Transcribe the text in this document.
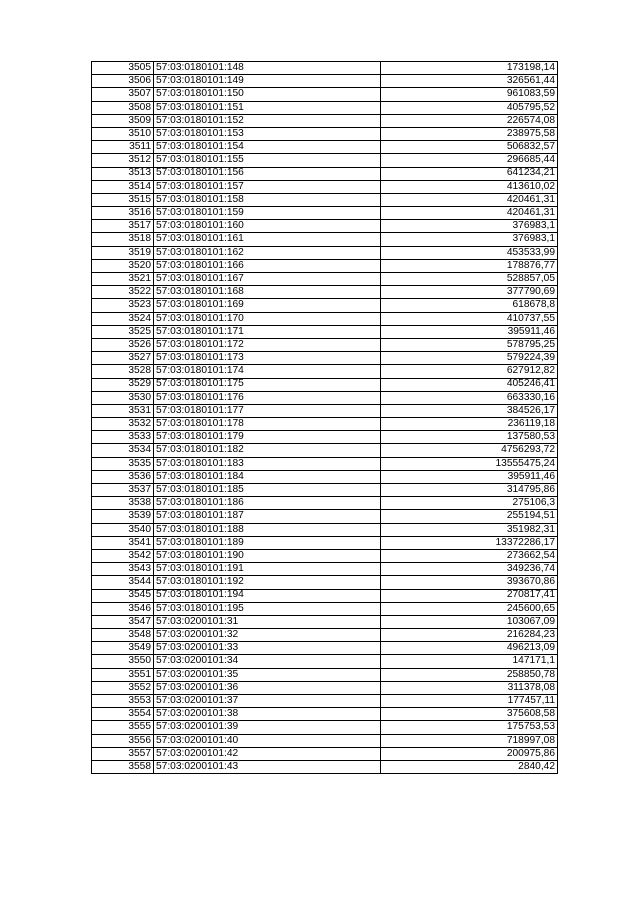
3505	57:03:0180101:148	173198,14
3506	57:03:0180101:149	326561,44
3507	57:03:0180101:150	961083,59
3508	57:03:0180101:151	405795,52
3509	57:03:0180101:152	226574,08
3510	57:03:0180101:153	238975,58
3511	57:03:0180101:154	506832,57
3512	57:03:0180101:155	296685,44
3513	57:03:0180101:156	641234,21
3514	57:03:0180101:157	413610,02
3515	57:03:0180101:158	420461,31
3516	57:03:0180101:159	420461,31
3517	57:03:0180101:160	376983,1
3518	57:03:0180101:161	376983,1
3519	57:03:0180101:162	453533,99
3520	57:03:0180101:166	178876,77
3521	57:03:0180101:167	528857,05
3522	57:03:0180101:168	377790,69
3523	57:03:0180101:169	618678,8
3524	57:03:0180101:170	410737,55
3525	57:03:0180101:171	395911,46
3526	57:03:0180101:172	578795,25
3527	57:03:0180101:173	579224,39
3528	57:03:0180101:174	627912,82
3529	57:03:0180101:175	405246,41
3530	57:03:0180101:176	663330,16
3531	57:03:0180101:177	384526,17
3532	57:03:0180101:178	236119,18
3533	57:03:0180101:179	137580,53
3534	57:03:0180101:182	4756293,72
3535	57:03:0180101:183	13555475,24
3536	57:03:0180101:184	395911,46
3537	57:03:0180101:185	314795,86
3538	57:03:0180101:186	275106,3
3539	57:03:0180101:187	255194,51
3540	57:03:0180101:188	351982,31
3541	57:03:0180101:189	13372286,17
3542	57:03:0180101:190	273662,54
3543	57:03:0180101:191	349236,74
3544	57:03:0180101:192	393670,86
3545	57:03:0180101:194	270817,41
3546	57:03:0180101:195	245600,65
3547	57:03:0200101:31	103067,09
3548	57:03:0200101:32	216284,23
3549	57:03:0200101:33	496213,09
3550	57:03:0200101:34	147171,1
3551	57:03:0200101:35	258850,78
3552	57:03:0200101:36	311378,08
3553	57:03:0200101:37	177457,11
3554	57:03:0200101:38	375608,58
3555	57:03:0200101:39	175753,53
3556	57:03:0200101:40	718997,08
3557	57:03:0200101:42	200975,86
3558	57:03:0200101:43	2840,42
